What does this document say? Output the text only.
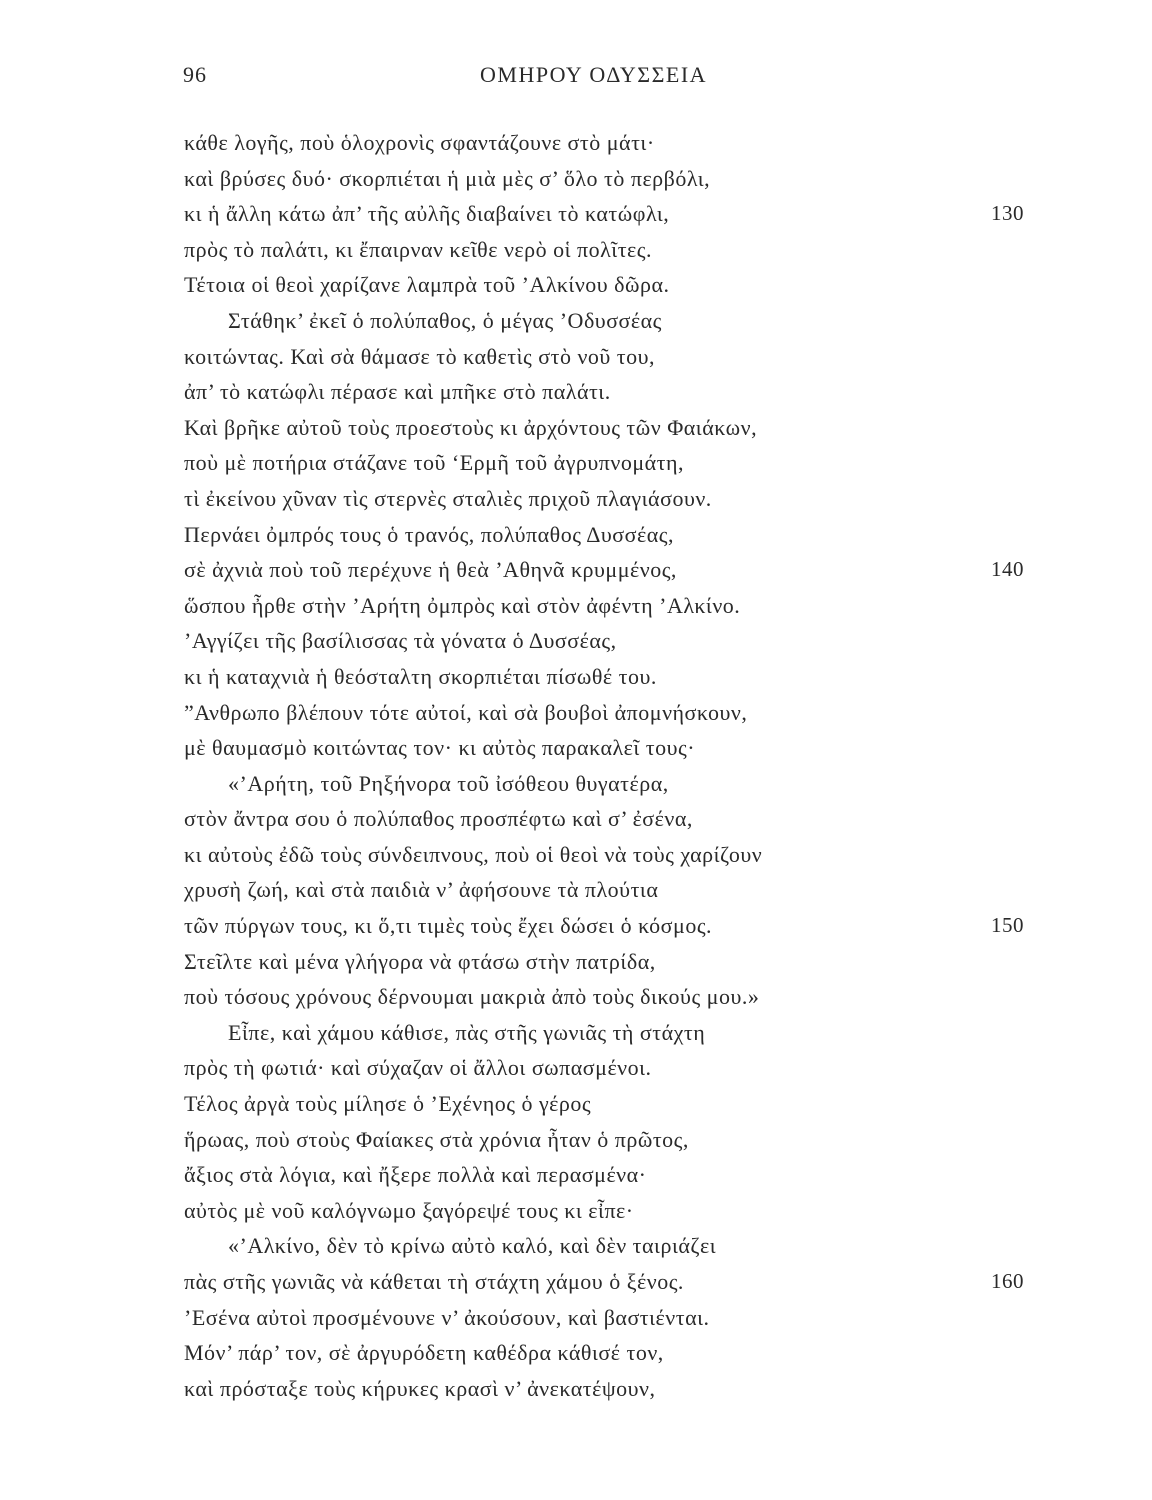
96	ΟΜΗΡΟΥ ΟΔΥΣΣΕΙΑ
κάθε λογῆς, ποὺ ὁλοχρονὶς σφαντάζουνε στὸ μάτι·
καὶ βρύσες δυό· σκορπιέται ἡ μιὰ μὲς σ’ ὅλο τὸ περβόλι,
κι ἡ ἄλλη κάτω ἀπ’ τῆς αὐλῆς διαβαίνει τὸ κατώφλι,	130
πρὸς τὸ παλάτι, κι ἔπαιρναν κεῖθε νερὸ οἱ πολῖτες.
Τέτοια οἱ θεοὶ χαρίζανε λαμπρὰ τοῦ ’Αλκίνου δῶρα.
Στάθηκ’ ἐκεῖ ὁ πολύπαθος, ὁ μέγας ’Οδυσσέας
κοιτώντας. Καὶ σὰ θάμασε τὸ καθετὶς στὸ νοῦ του,
ἀπ’ τὸ κατώφλι πέρασε καὶ μπῆκε στὸ παλάτι.
Καὶ βρῆκε αὐτοῦ τοὺς προεστοὺς κι ἀρχόντους τῶν Φαιάκων,
ποὺ μὲ ποτήρια στάζανε τοῦ ‘Ερμῆ τοῦ ἀγρυπνομάτη,
τὶ ἐκείνου χῦναν τὶς στερνὲς σταλιὲς πριχοῦ πλαγιάσουν.
Περνάει ὀμπρός τους ὁ τρανός, πολύπαθος Δυσσέας,
σὲ ἀχνιὰ ποὺ τοῦ περέχυνε ἡ θεὰ ’Αθηνᾶ κρυμμένος,	140
ὥσπου ἦρθε στὴν ’Αρήτη ὀμπρὸς καὶ στὸν ἀφέντη ’Αλκίνο.
’Αγγίζει τῆς βασίλισσας τὰ γόνατα ὁ Δυσσέας,
κι ἡ καταχνιὰ ἡ θεόσταλτη σκορπιέται πίσωθέ του.
”Ανθρωπο βλέπουν τότε αὐτοί, καὶ σὰ βουβοὶ ἀπομνήσκουν,
μὲ θαυμασμὸ κοιτώντας τον· κι αὐτὸς παρακαλεῖ τους·
«’Αρήτη, τοῦ Ρηξήνορα τοῦ ἰσόθεου θυγατέρα,
στὸν ἄντρα σου ὁ πολύπαθος προσπέφτω καὶ σ’ ἐσένα,
κι αὐτοὺς ἐδῶ τοὺς σύνδειπνους, ποὺ οἱ θεοὶ νὰ τοὺς χαρίζουν
χρυσὴ ζωή, καὶ στὰ παιδιὰ ν’ ἀφήσουνε τὰ πλούτια
τῶν πύργων τους, κι ὅ,τι τιμὲς τοὺς ἔχει δώσει ὁ κόσμος.	150
Στεῖλτε καὶ μένα γλήγορα νὰ φτάσω στὴν πατρίδα,
ποὺ τόσους χρόνους δέρνουμαι μακριὰ ἀπὸ τοὺς δικούς μου.»
Εἶπε, καὶ χάμου κάθισε, πὰς στῆς γωνιᾶς τὴ στάχτη
πρὸς τὴ φωτιά· καὶ σύχαζαν οἱ ἄλλοι σωπασμένοι.
Τέλος ἀργὰ τοὺς μίλησε ὁ ’Εχένηος ὁ γέρος
ἥρωας, ποὺ στοὺς Φαίακες στὰ χρόνια ἦταν ὁ πρῶτος,
ἄξιος στὰ λόγια, καὶ ἤξερε πολλὰ καὶ περασμένα·
αὐτὸς μὲ νοῦ καλόγνωμο ξαγόρεψέ τους κι εἶπε·
«’Αλκίνο, δὲν τὸ κρίνω αὐτὸ καλό, καὶ δὲν ταιριάζει
πὰς στῆς γωνιᾶς νὰ κάθεται τὴ στάχτη χάμου ὁ ξένος.	160
’Εσένα αὐτοὶ προσμένουνε ν’ ἀκούσουν, καὶ βαστιένται.
Μόν’ πάρ’ τον, σὲ ἀργυρόδετη καθέδρα κάθισέ τον,
καὶ πρόσταξε τοὺς κήρυκες κρασὶ ν’ ἀνεκατέψουν,
